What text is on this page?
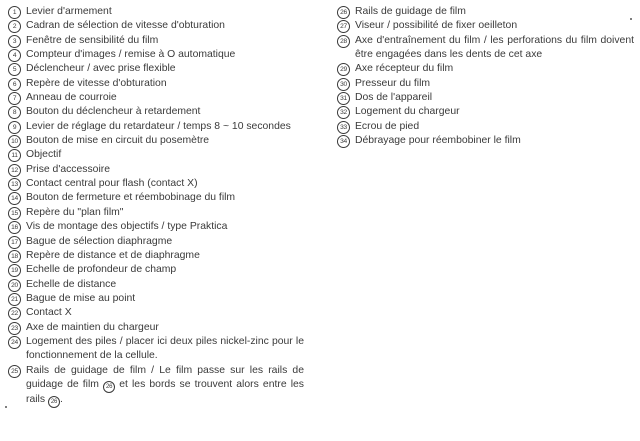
1 Levier d'armement
2 Cadran de sélection de vitesse d'obturation
3 Fenêtre de sensibilité du film
4 Compteur d'images / remise à O automatique
5 Déclencheur / avec prise flexible
6 Repère de vitesse d'obturation
7 Anneau de courroie
8 Bouton du déclencheur à retardement
9 Levier de réglage du retardateur / temps 8 ~ 10 secondes
10 Bouton de mise en circuit du posemètre
11 Objectif
12 Prise d'accessoire
13 Contact central pour flash (contact X)
14 Bouton de fermeture et réembobinage du film
15 Repère du "plan film"
16 Vis de montage des objectifs / type Praktica
17 Bague de sélection diaphragme
18 Repère de distance et de diaphragme
19 Echelle de profondeur de champ
20 Echelle de distance
21 Bague de mise au point
22 Contact X
23 Axe de maintien du chargeur
24 Logement des piles / placer ici deux piles nickel-zinc pour le fonctionnement de la cellule.
25 Rails de guidage de film / Le film passe sur les rails de guidage de film 26 et les bords se trouvent alors entre les rails 26 .
26 Rails de guidage de film
27 Viseur / possibilité de fixer oeilleton
28 Axe d'entraînement du film / les perforations du film doivent être engagées dans les dents de cet axe
29 Axe récepteur du film
30 Presseur du film
31 Dos de l'appareil
32 Logement du chargeur
33 Ecrou de pied
34 Débrayage pour réembobiner le film
